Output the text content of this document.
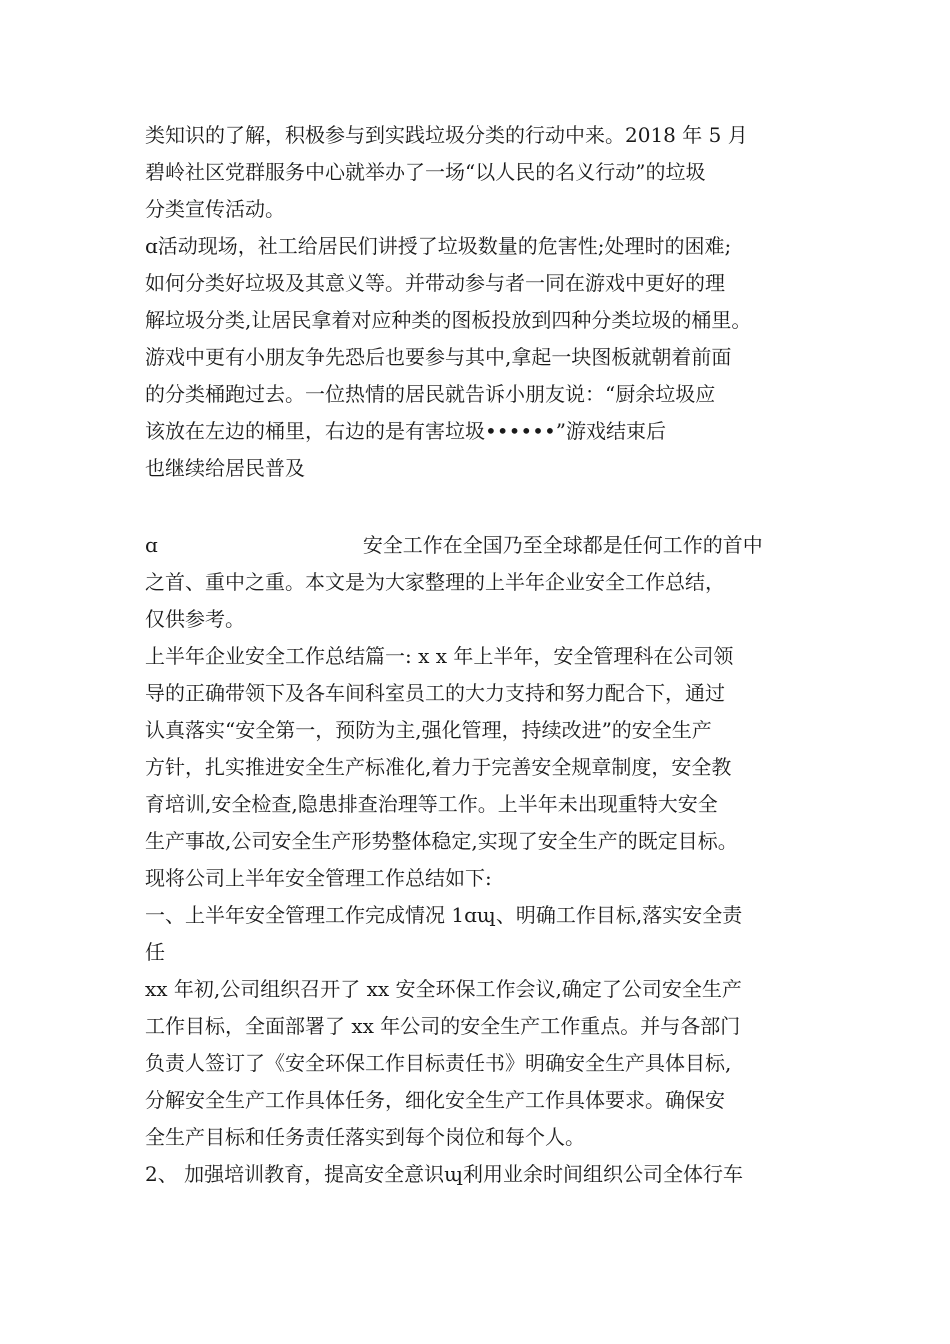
类知识的了解，积极参与到实践垃圾分类的行动中来。2018 年 5 月
碧岭社区党群服务中心就举办了一场“以人民的名义行动”的垃圾
分类宣传活动。
ɑ活动现场，社工给居民们讲授了垃圾数量的危害性;处理时的困难;
如何分类好垃圾及其意义等。并带动参与者一同在游戏中更好的理
解垃圾分类,让居民拿着对应种类的图板投放到四种分类垃圾的桶里。
游戏中更有小朋友争先恐后也要参与其中,拿起一块图板就朝着前面
的分类桶跑过去。一位热情的居民就告诉小朋友说：“厨余垃圾应
该放在左边的桶里，右边的是有害垃圾••••••”游戏结束后
也继续给居民普及
ɑ	安全工作在全国乃至全球都是任何工作的首中
之首、重中之重。本文是为大家整理的上半年企业安全工作总结，
仅供参考。
上半年企业安全工作总结篇一: x x 年上半年，安全管理科在公司领
导的正确带领下及各车间科室员工的大力支持和努力配合下，通过
认真落实“安全第一，预防为主,强化管理，持续改进”的安全生产
方针，扎实推进安全生产标准化,着力于完善安全规章制度，安全教
育培训,安全检查,隐患排查治理等工作。上半年未出现重特大安全
生产事故,公司安全生产形势整体稳定,实现了安全生产的既定目标。
现将公司上半年安全管理工作总结如下:
一、上半年安全管理工作完成情况 1ɑɰ、明确工作目标,落实安全责
任
xx 年初,公司组织召开了 xx 安全环保工作会议,确定了公司安全生产
工作目标，全面部署了 xx 年公司的安全生产工作重点。并与各部门
负责人签订了《安全环保工作目标责任书》明确安全生产具体目标,
分解安全生产工作具体任务，细化安全生产工作具体要求。确保安
全生产目标和任务责任落实到每个岗位和每个人。
2、 加强培训教育，提高安全意识ɰ利用业余时间组织公司全体行车
